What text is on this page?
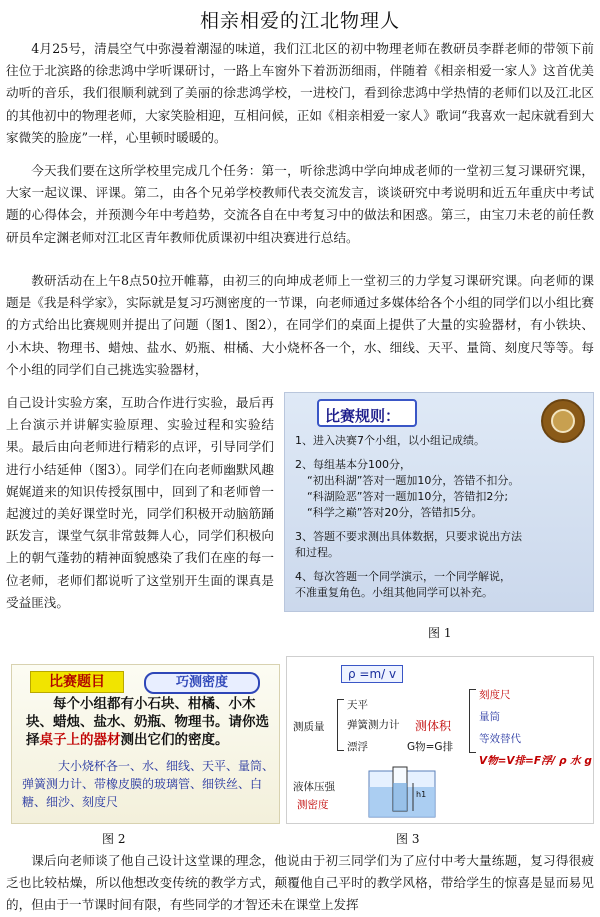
相亲相爱的江北物理人

4月25号，清晨空气中弥漫着潮湿的味道，我们江北区的初中物理老师在教研员李群老师的带领下前往位于北滨路的徐悲鸿中学听课研讨，一路上车窗外下着沥沥细雨，伴随着《相亲相爱一家人》这首优美动听的音乐，我们很顺利就到了美丽的徐悲鸿学校，一进校门，看到徐悲鸿中学热情的老师们以及江北区的其他初中的物理老师，大家笑脸相迎，互相问候，正如《相亲相爱一家人》歌词“我喜欢一起床就看到大家微笑的脸庞”一样，心里顿时暖暖的。

今天我们要在这所学校里完成几个任务：第一，听徐悲鸿中学向坤成老师的一堂初三复习课研究课，大家一起议课、评课。第二，由各个兄弟学校教师代表交流发言，谈谈研究中考说明和近五年重庆中考试题的心得体会，并预测今年中考趋势，交流各自在中考复习中的做法和困惑。第三，由宝刀未老的前任教研员牟定渊老师对江北区青年教师优质课初中组决赛进行总结。

教研活动在上午8点50拉开帷幕，由初三的向坤成老师上一堂初三的力学复习课研究课。向老师的课题是《我是科学家》，实际就是复习巧测密度的一节课，向老师通过多媒体给各个小组的同学们以小组比赛的方式给出比赛规则并提出了问题（图1、图2），在同学们的桌面上提供了大量的实验器材，有小铁块、小木块、物理书、蜡烛、盐水、奶瓶、柑橘、大小烧杯各一个，水、细线、天平、量筒、刻度尺等等。每个小组的同学们自己挑选实验器材，

自己设计实验方案，互助合作进行实验，最后再上台演示并讲解实验原理、实验过程和实验结果。最后由向老师进行精彩的点评，引导同学们进行小结延伸（图3）。同学们在向老师幽默风趣娓娓道来的知识传授氛围中，回到了和老师曾一起渡过的美好课堂时光，同学们积极开动脑筋踊跃发言，课堂气氛非常鼓舞人心，同学们积极向上的朝气蓬勃的精神面貌感染了我们在座的每一位老师，老师们都说听了这堂别开生面的课真是受益匪浅。

比赛规则：
1、进入决赛7个小组，以小组记成绩。
2、每组基本分100分，
“初出科湖”答对一题加10分，答错不扣分。
“科湖险恶”答对一题加10分，答错扣2分;
“科学之巅”答对20分，答错扣5分。
3、答题不要求测出具体数据，只要求说出方法
和过程。
4、每次答题一个同学演示，一个同学解说，
不准重复角色。小组其他同学可以补充。
图 1
比赛题目	巧测密度
每个小组都有小石块、柑橘、小木块、蜡烛、盐水、奶瓶、物理书。请你选择桌子上的器材测出它们的密度。
大小烧杯各一、水、细线、天平、量筒、弹簧测力计、带橡皮膜的玻璃管、细铁丝、白糖、细沙、刻度尺
图 2
ρ =m/ v
测质量
天平
弹簧测力计
漂浮	G物=G排
测体积
刻度尺
量筒
等效替代
V物=V排=F浮/ ρ 水 g
液体压强
测密度
h1
图 3

课后向老师谈了他自己设计这堂课的理念，他说由于初三同学们为了应付中考大量练题，复习得很疲乏也比较枯燥，所以他想改变传统的教学方式，颠覆他自己平时的教学风格，带给学生的惊喜是显而易见的，但由于一节课时间有限，有些同学的才智还未在课堂上发挥
